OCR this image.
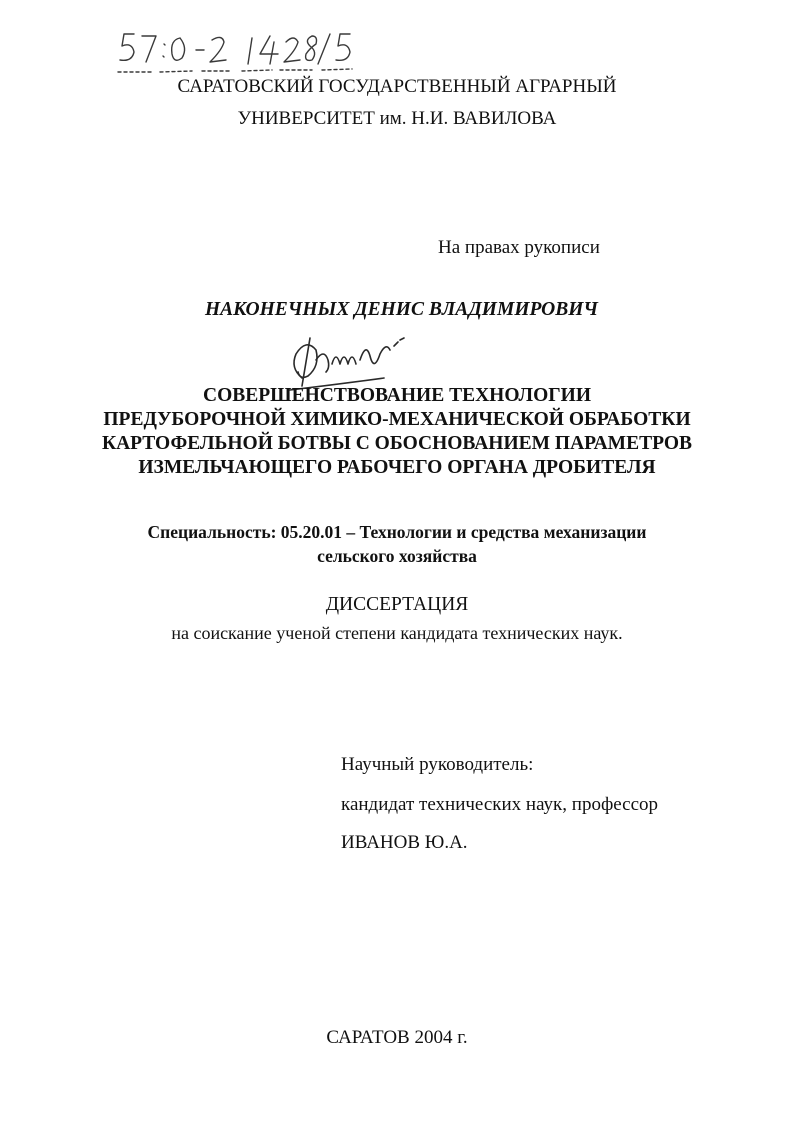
САРАТОВСКИЙ ГОСУДАРСТВЕННЫЙ АГРАРНЫЙ
УНИВЕРСИТЕТ им. Н.И. ВАВИЛОВА
На правах рукописи
НАКОНЕЧНЫХ ДЕНИС ВЛАДИМИРОВИЧ
СОВЕРШЕНСТВОВАНИЕ ТЕХНОЛОГИИ
ПРЕДУБОРОЧНОЙ ХИМИКО-МЕХАНИЧЕСКОЙ ОБРАБОТКИ
КАРТОФЕЛЬНОЙ БОТВЫ С ОБОСНОВАНИЕМ ПАРАМЕТРОВ
ИЗМЕЛЬЧАЮЩЕГО РАБОЧЕГО ОРГАНА ДРОБИТЕЛЯ
Специальность: 05.20.01 – Технологии и средства механизации
сельского хозяйства
ДИССЕРТАЦИЯ
на соискание ученой степени кандидата технических наук.
Научный руководитель:
кандидат технических наук, профессор
ИВАНОВ Ю.А.
САРАТОВ 2004 г.
